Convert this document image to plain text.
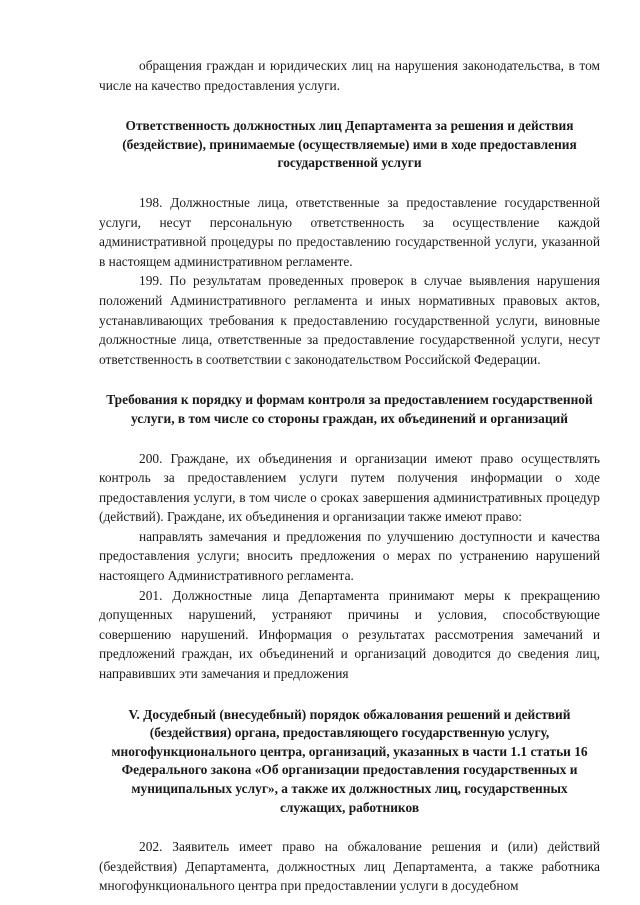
обращения граждан и юридических лиц на нарушения законодательства, в том числе на качество предоставления услуги.

Ответственность должностных лиц Департамента за решения и действия (бездействие), принимаемые (осуществляемые) ими в ходе предоставления государственной услуги

198. Должностные лица, ответственные за предоставление государственной услуги, несут персональную ответственность за осуществление каждой административной процедуры по предоставлению государственной услуги, указанной в настоящем административном регламенте.

199. По результатам проведенных проверок в случае выявления нарушения положений Административного регламента и иных нормативных правовых актов, устанавливающих требования к предоставлению государственной услуги, виновные должностные лица, ответственные за предоставление государственной услуги, несут ответственность в соответствии с законодательством Российской Федерации.

Требования к порядку и формам контроля за предоставлением государственной услуги, в том числе со стороны граждан, их объединений и организаций

200. Граждане, их объединения и организации имеют право осуществлять контроль за предоставлением услуги путем получения информации о ходе предоставления услуги, в том числе о сроках завершения административных процедур (действий). Граждане, их объединения и организации также имеют право:

направлять замечания и предложения по улучшению доступности и качества предоставления услуги; вносить предложения о мерах по устранению нарушений настоящего Административного регламента.

201. Должностные лица Департамента принимают меры к прекращению допущенных нарушений, устраняют причины и условия, способствующие совершению нарушений. Информация о результатах рассмотрения замечаний и предложений граждан, их объединений и организаций доводится до сведения лиц, направивших эти замечания и предложения

V. Досудебный (внесудебный) порядок обжалования решений и действий (бездействия) органа, предоставляющего государственную услугу, многофункционального центра, организаций, указанных в части 1.1 статьи 16 Федерального закона «Об организации предоставления государственных и муниципальных услуг», а также их должностных лиц, государственных служащих, работников

202. Заявитель имеет право на обжалование решения и (или) действий (бездействия) Департамента, должностных лиц Департамента, а также работника многофункционального центра при предоставлении услуги в досудебном
